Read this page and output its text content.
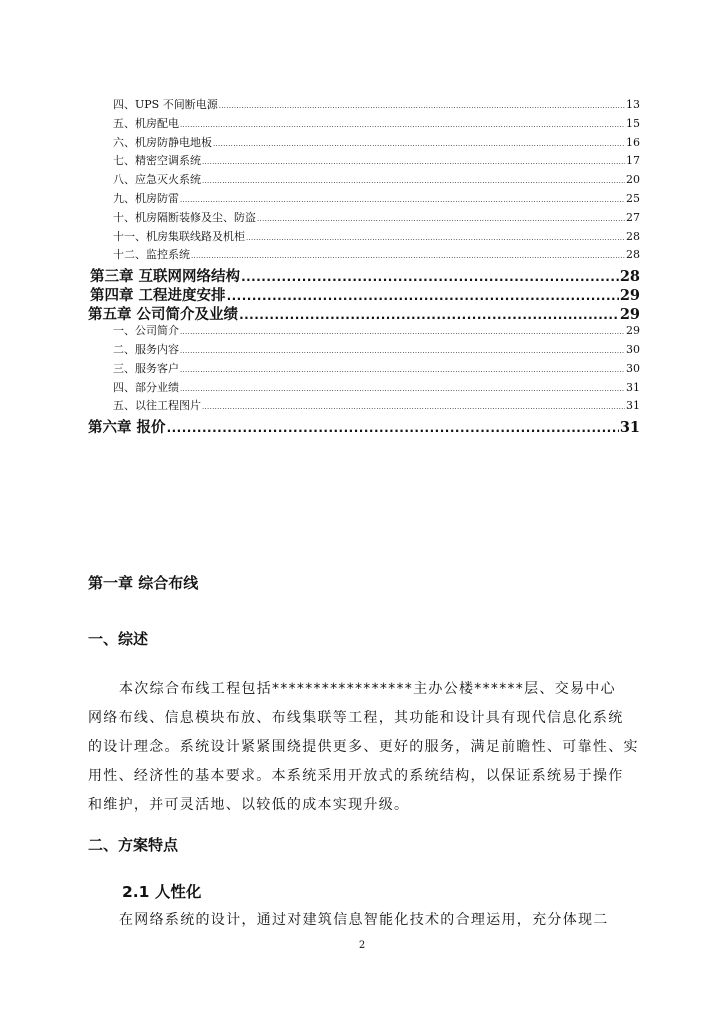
四、UPS 不间断电源 .....	13
五、机房配电 .....	15
六、机房防静电地板 .....	16
七、精密空调系统 .....	17
八、应急灭火系统 .....	20
九、机房防雷 .....	25
十、机房隔断装修及尘、防盗 .....	27
十一、机房集联线路及机柜 .....	28
十二、监控系统 .....	28
第三章 互联网网络结构 .....	28
第四章 工程进度安排 .....	29
第五章 公司简介及业绩 .....	29
一、公司简介 .....	29
二、服务内容 .....	30
三、服务客户 .....	30
四、部分业绩 .....	31
五、以往工程图片 .....	31
第六章 报价 .....	31
第一章 综合布线
一、综述
本次综合布线工程包括*****************主办公楼******层、交易中心
网络布线、信息模块布放、布线集联等工程，其功能和设计具有现代信息化系统
的设计理念。系统设计紧紧围绕提供更多、更好的服务，满足前瞻性、可靠性、实
用性、经济性的基本要求。本系统采用开放式的系统结构，以保证系统易于操作
和维护，并可灵活地、以较低的成本实现升级。
二、方案特点
2.1 人性化
在网络系统的设计，通过对建筑信息智能化技术的合理运用，充分体现二
2
